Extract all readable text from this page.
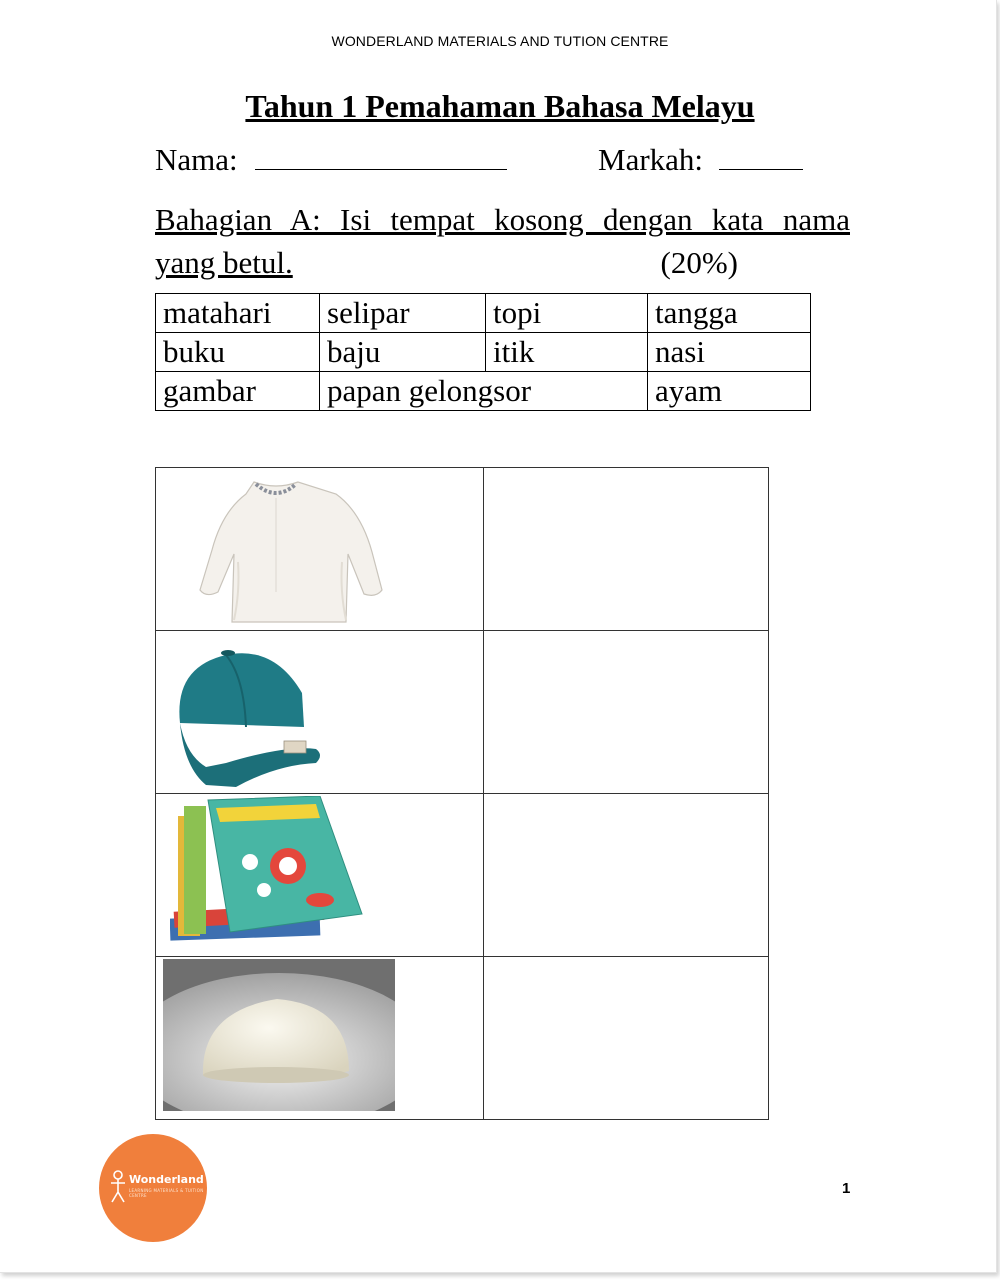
WONDERLAND MATERIALS AND TUTION CENTRE
Tahun 1 Pemahaman Bahasa Melayu
Nama:	Markah:
Bahagian A: Isi tempat kosong dengan kata nama
yang betul.	(20%)
matahari	selipar	topi	tangga
buku	baju	itik	nasi
gambar	papan gelongsor		ayam

Wonderland
LEARNING MATERIALS & TUITION CENTRE	1
